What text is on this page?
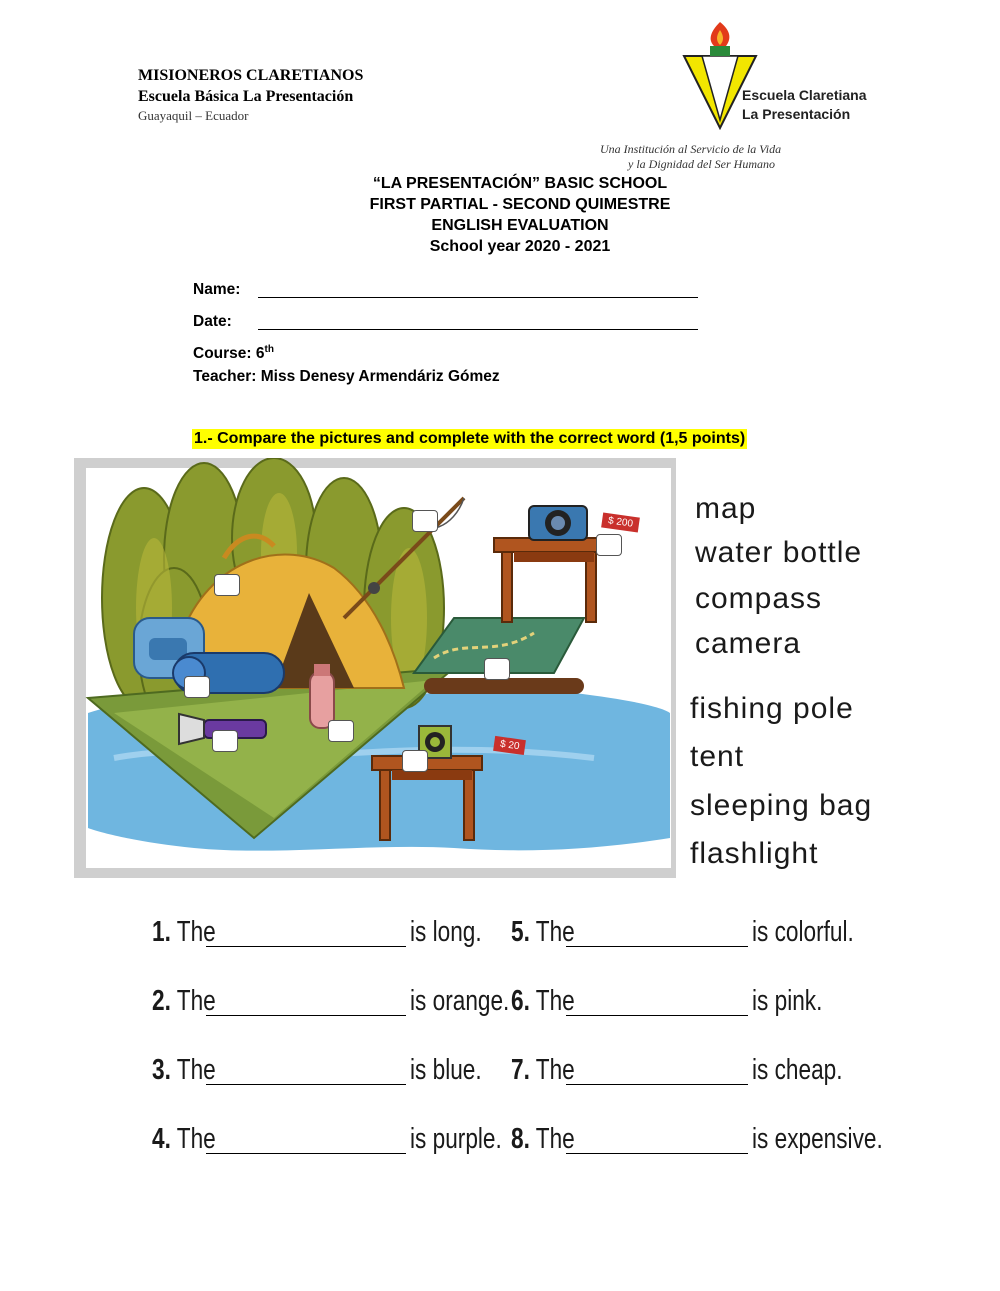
MISIONEROS CLARETIANOS
Escuela Básica La Presentación
Guayaquil – Ecuador
Escuela Claretiana
La Presentación
Una Institución al Servicio de la Vida
y la Dignidad del Ser Humano
“LA PRESENTACIÓN” BASIC SCHOOL
FIRST PARTIAL - SECOND QUIMESTRE
ENGLISH EVALUATION
School year 2020 - 2021
Name:
Date:
Course: 6th
Teacher: Miss Denesy Armendáriz Gómez
1.- Compare the pictures and complete with the correct word (1,5 points)
$ 200
$ 20
map
water bottle
compass
camera
fishing pole
tent
sleeping bag
flashlight
1. The	is long.
2. The	is orange.
3. The	is blue.
4. The	is purple.
5. The	is colorful.
6. The	is pink.
7. The	is cheap.
8. The	is expensive.
